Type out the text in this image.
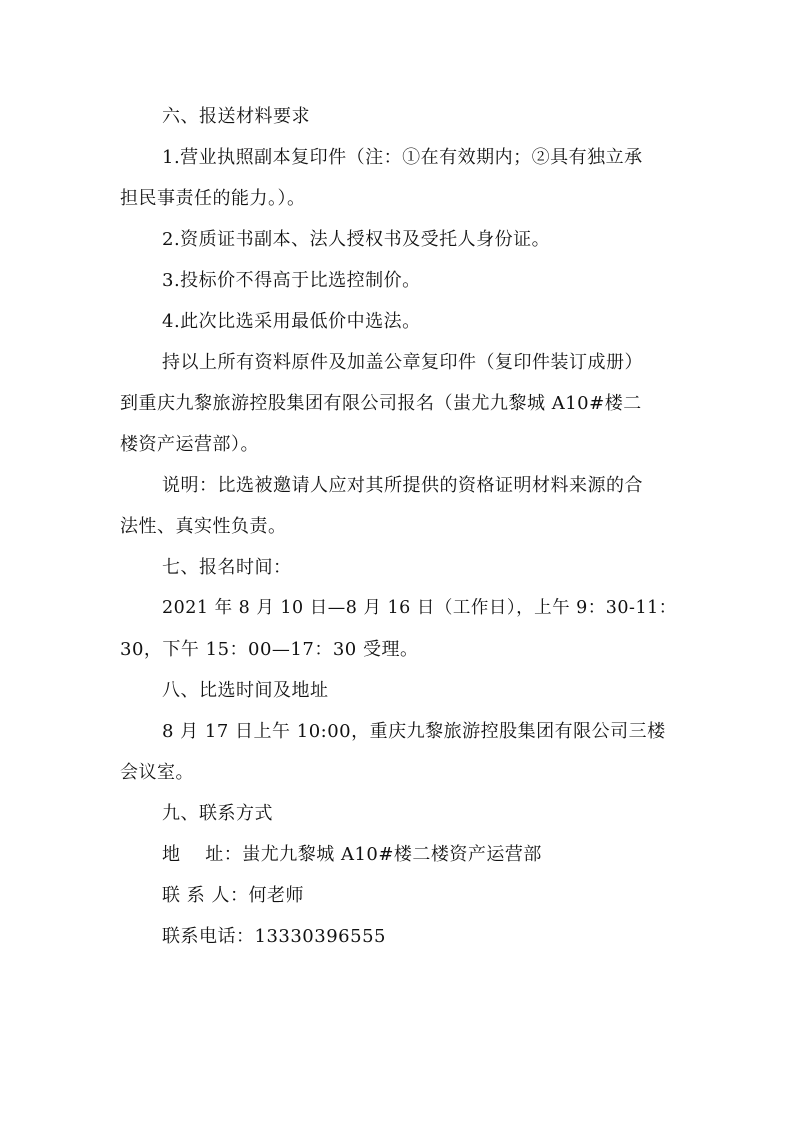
六、报送材料要求

1.营业执照副本复印件（注：①在有效期内；②具有独立承

担民事责任的能力。）。

2.资质证书副本、法人授权书及受托人身份证。

3.投标价不得高于比选控制价。

4.此次比选采用最低价中选法。

持以上所有资料原件及加盖公章复印件（复印件装订成册）

到重庆九黎旅游控股集团有限公司报名（蚩尤九黎城 A10#楼二

楼资产运营部）。

说明：比选被邀请人应对其所提供的资格证明材料来源的合

法性、真实性负责。

七、报名时间：

2021 年 8 月 10 日—8 月 16 日（工作日），上午 9：30-11：

30，下午 15：00—17：30 受理。

八、比选时间及地址

8 月 17 日上午 10:00，重庆九黎旅游控股集团有限公司三楼

会议室。

九、联系方式

地　 址：蚩尤九黎城 A10#楼二楼资产运营部

联 系 人：何老师

联系电话：13330396555
